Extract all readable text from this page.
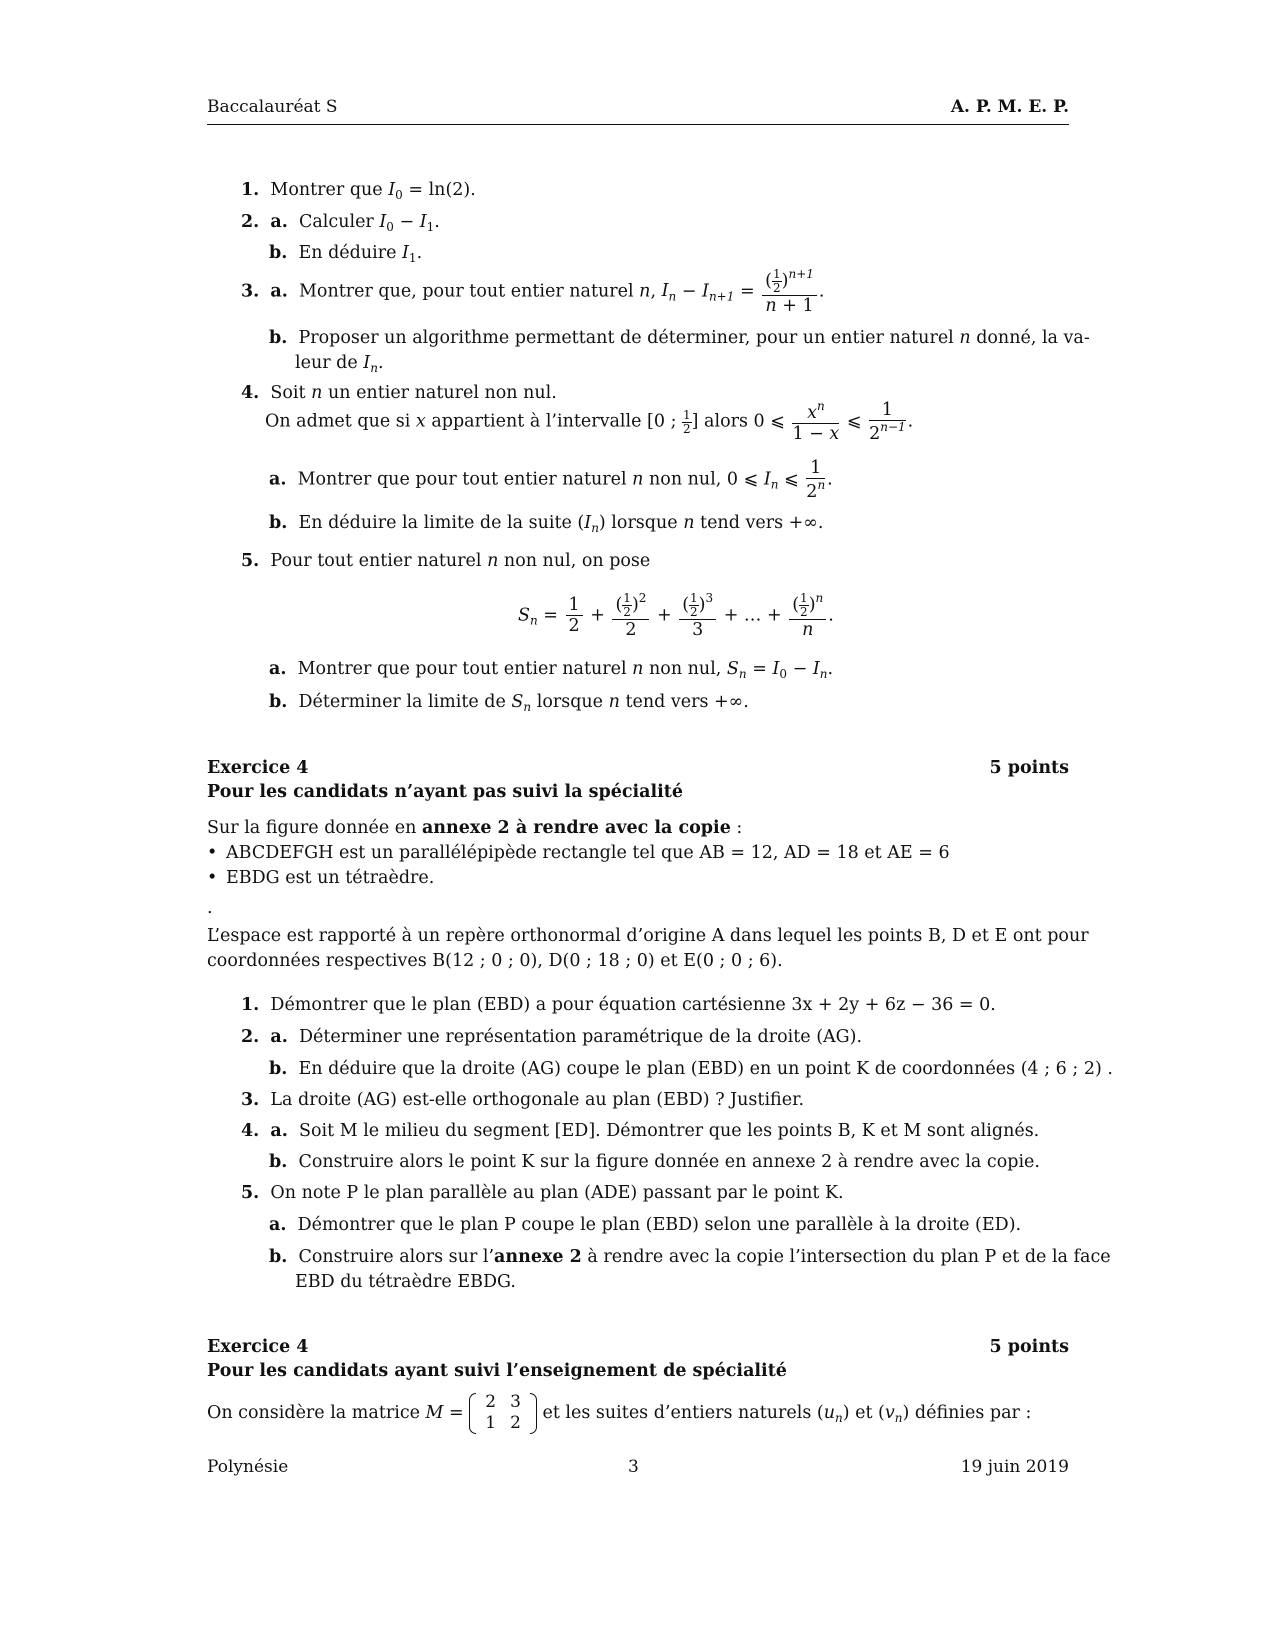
Baccalauréat S	A. P. M. E. P.
1.  Montrer que $I_0 = \ln(2)$.
2. a.  Calculer $I_0 - I_1$.
b.  En déduire $I_1$.
3. a.  Montrer que, pour tout entier naturel n, $I_n - I_{n+1} = \frac{( \frac{1}{2} )^{n+1}}{n + 1}$ .
b.  Proposer un algorithme permettant de déterminer, pour un entier naturel n donné, la va-
leur de $I_n$.
4.  Soit n un entier naturel non nul.
On admet que si x appartient à l’intervalle [0 ; $\frac{1}{2}$ ] alors 0 ⩽ $\frac{x^n}{1 - x}$ ⩽ $\frac{1}{2^{n-1}}$ .
a.  Montrer que pour tout entier naturel n non nul, 0 ⩽ $I_n$ ⩽ $\frac{1}{2^n}$ .
b.  En déduire la limite de la suite $(I_n)$ lorsque n tend vers +∞.
5.  Pour tout entier naturel n non nul, on pose
$S_n = \frac{1}{2} + \frac{( \frac{1}{2} )^2}{2} + \frac{( \frac{1}{2} )^3}{3}$ + … + $\frac{( \frac{1}{2} )^n}{n}$ .
a.  Montrer que pour tout entier naturel n non nul, $S_n = I_0 - I_n$.
b.  Déterminer la limite de $S_n$ lorsque n tend vers +∞.
Exercice 4	5 points
Pour les candidats n’ayant pas suivi la spécialité
Sur la figure donnée en annexe 2 à rendre avec la copie :
• ABCDEFGH est un parallélépipède rectangle tel que AB = 12, AD = 18 et AE = 6
• EBDG est un tétraèdre.
.
L’espace est rapporté à un repère orthonormal d’origine A dans lequel les points B, D et E ont pour
coordonnées respectives B(12 ; 0 ; 0), D(0 ; 18 ; 0) et E(0 ; 0 ; 6).
1. Démontrer que le plan (EBD) a pour équation cartésienne 3x + 2y + 6z − 36 = 0.
2. a. Déterminer une représentation paramétrique de la droite (AG).
b. En déduire que la droite (AG) coupe le plan (EBD) en un point K de coordonnées (4 ; 6 ; 2) .
3. La droite (AG) est-elle orthogonale au plan (EBD) ? Justifier.
4. a. Soit M le milieu du segment [ED]. Démontrer que les points B, K et M sont alignés.
b. Construire alors le point K sur la figure donnée en annexe 2 à rendre avec la copie.
5. On note P le plan parallèle au plan (ADE) passant par le point K.
a. Démontrer que le plan P coupe le plan (EBD) selon une parallèle à la droite (ED).
b. Construire alors sur l’annexe 2 à rendre avec la copie l’intersection du plan P et de la face
EBD du tétraèdre EBDG.
Exercice 4	5 points
Pour les candidats ayant suivi l’enseignement de spécialité
On considère la matrice M =
2	3
1	2
et les suites d’entiers naturels $(u_n)$ et $(v_n)$ définies par :
Polynésie	3	19 juin 2019
